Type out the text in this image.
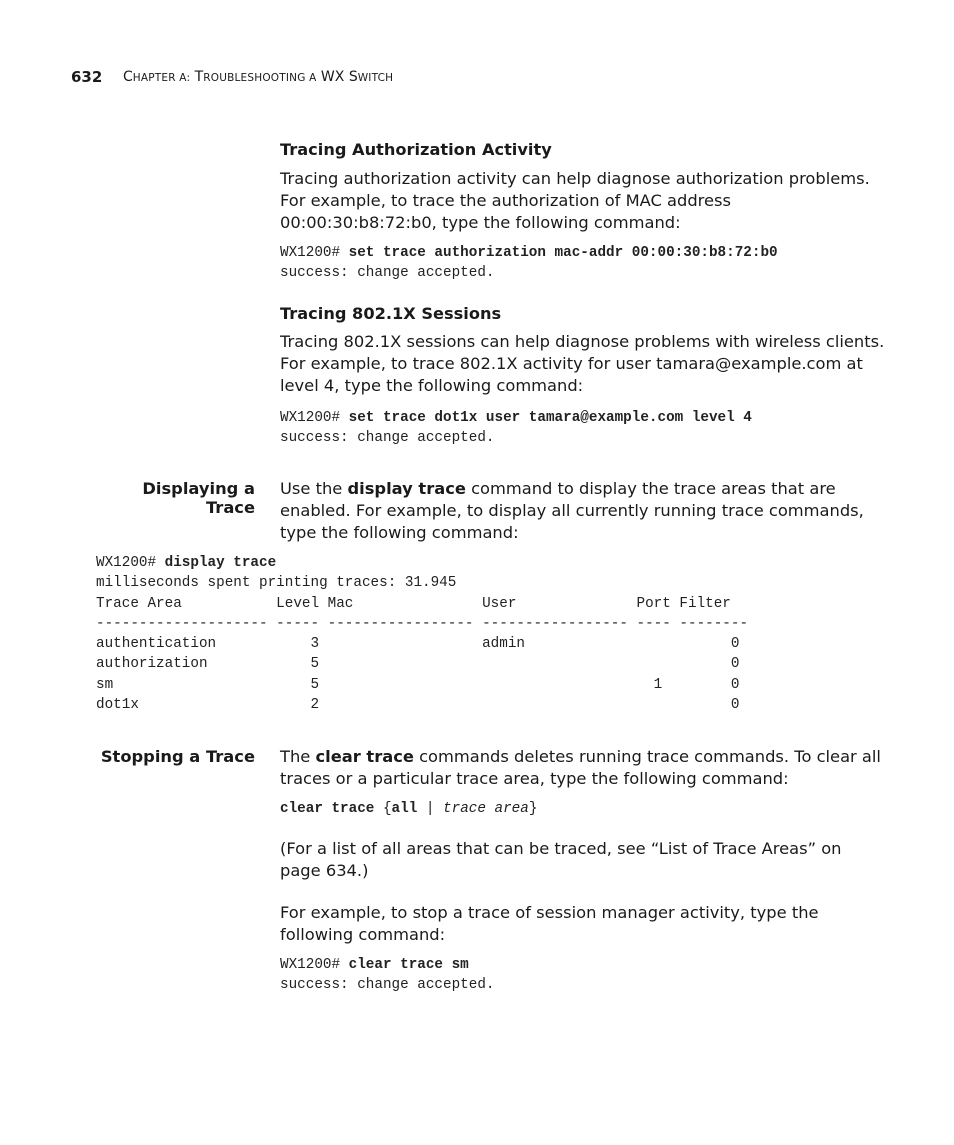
632 CHAPTER A: TROUBLESHOOTING A WX SWITCH
Tracing Authorization Activity
Tracing authorization activity can help diagnose authorization problems.
For example, to trace the authorization of MAC address
00:00:30:b8:72:b0, type the following command:
WX1200# set trace authorization mac-addr 00:00:30:b8:72:b0
success: change accepted.
Tracing 802.1X Sessions
Tracing 802.1X sessions can help diagnose problems with wireless clients.
For example, to trace 802.1X activity for user tamara@example.com at
level 4, type the following command:
WX1200# set trace dot1x user tamara@example.com level 4
success: change accepted.
Displaying a Trace
Use the display trace command to display the trace areas that are
enabled. For example, to display all currently running trace commands,
type the following command:
WX1200# display trace
milliseconds spent printing traces: 31.945
Trace Area           Level Mac               User              Port Filter
-------------------- ----- ----------------- ----------------- ---- --------
authentication           3                   admin                        0
authorization            5                                                0
sm                       5                                       1        0
dot1x                    2                                                0
Stopping a Trace The clear trace commands deletes running trace commands. To clear all
traces or a particular trace area, type the following command:
clear trace {all | trace area}
(For a list of all areas that can be traced, see “List of Trace Areas” on
page 634.)
For example, to stop a trace of session manager activity, type the
following command:
WX1200# clear trace sm
success: change accepted.
